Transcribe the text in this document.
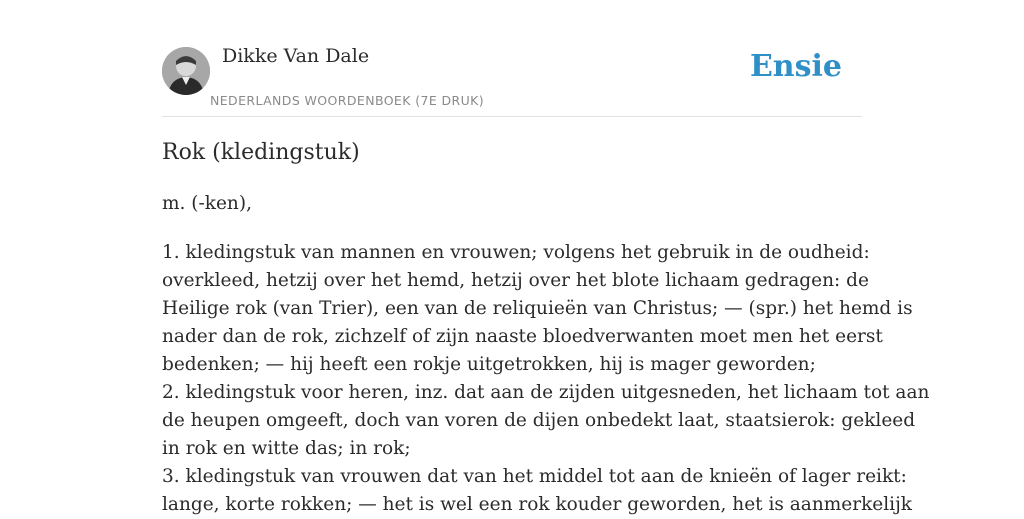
Dikke Van Dale
NEDERLANDS WOORDENBOEK (7E DRUK)
Ensie
Rok (kledingstuk)
m. (-ken),
1. kledingstuk van mannen en vrouwen; volgens het gebruik in de oudheid:
overkleed, hetzij over het hemd, hetzij over het blote lichaam gedragen: de
Heilige rok (van Trier), een van de reliquieën van Christus; — (spr.) het hemd is
nader dan de rok, zichzelf of zijn naaste bloedverwanten moet men het eerst
bedenken; — hij heeft een rokje uitgetrokken, hij is mager geworden;
2. kledingstuk voor heren, inz. dat aan de zijden uitgesneden, het lichaam tot aan
de heupen omgeeft, doch van voren de dijen onbedekt laat, staatsierok: gekleed
in rok en witte das; in rok;
3. kledingstuk van vrouwen dat van het middel tot aan de knieën of lager reikt:
lange, korte rokken; — het is wel een rok kouder geworden, het is aanmerkelijk
